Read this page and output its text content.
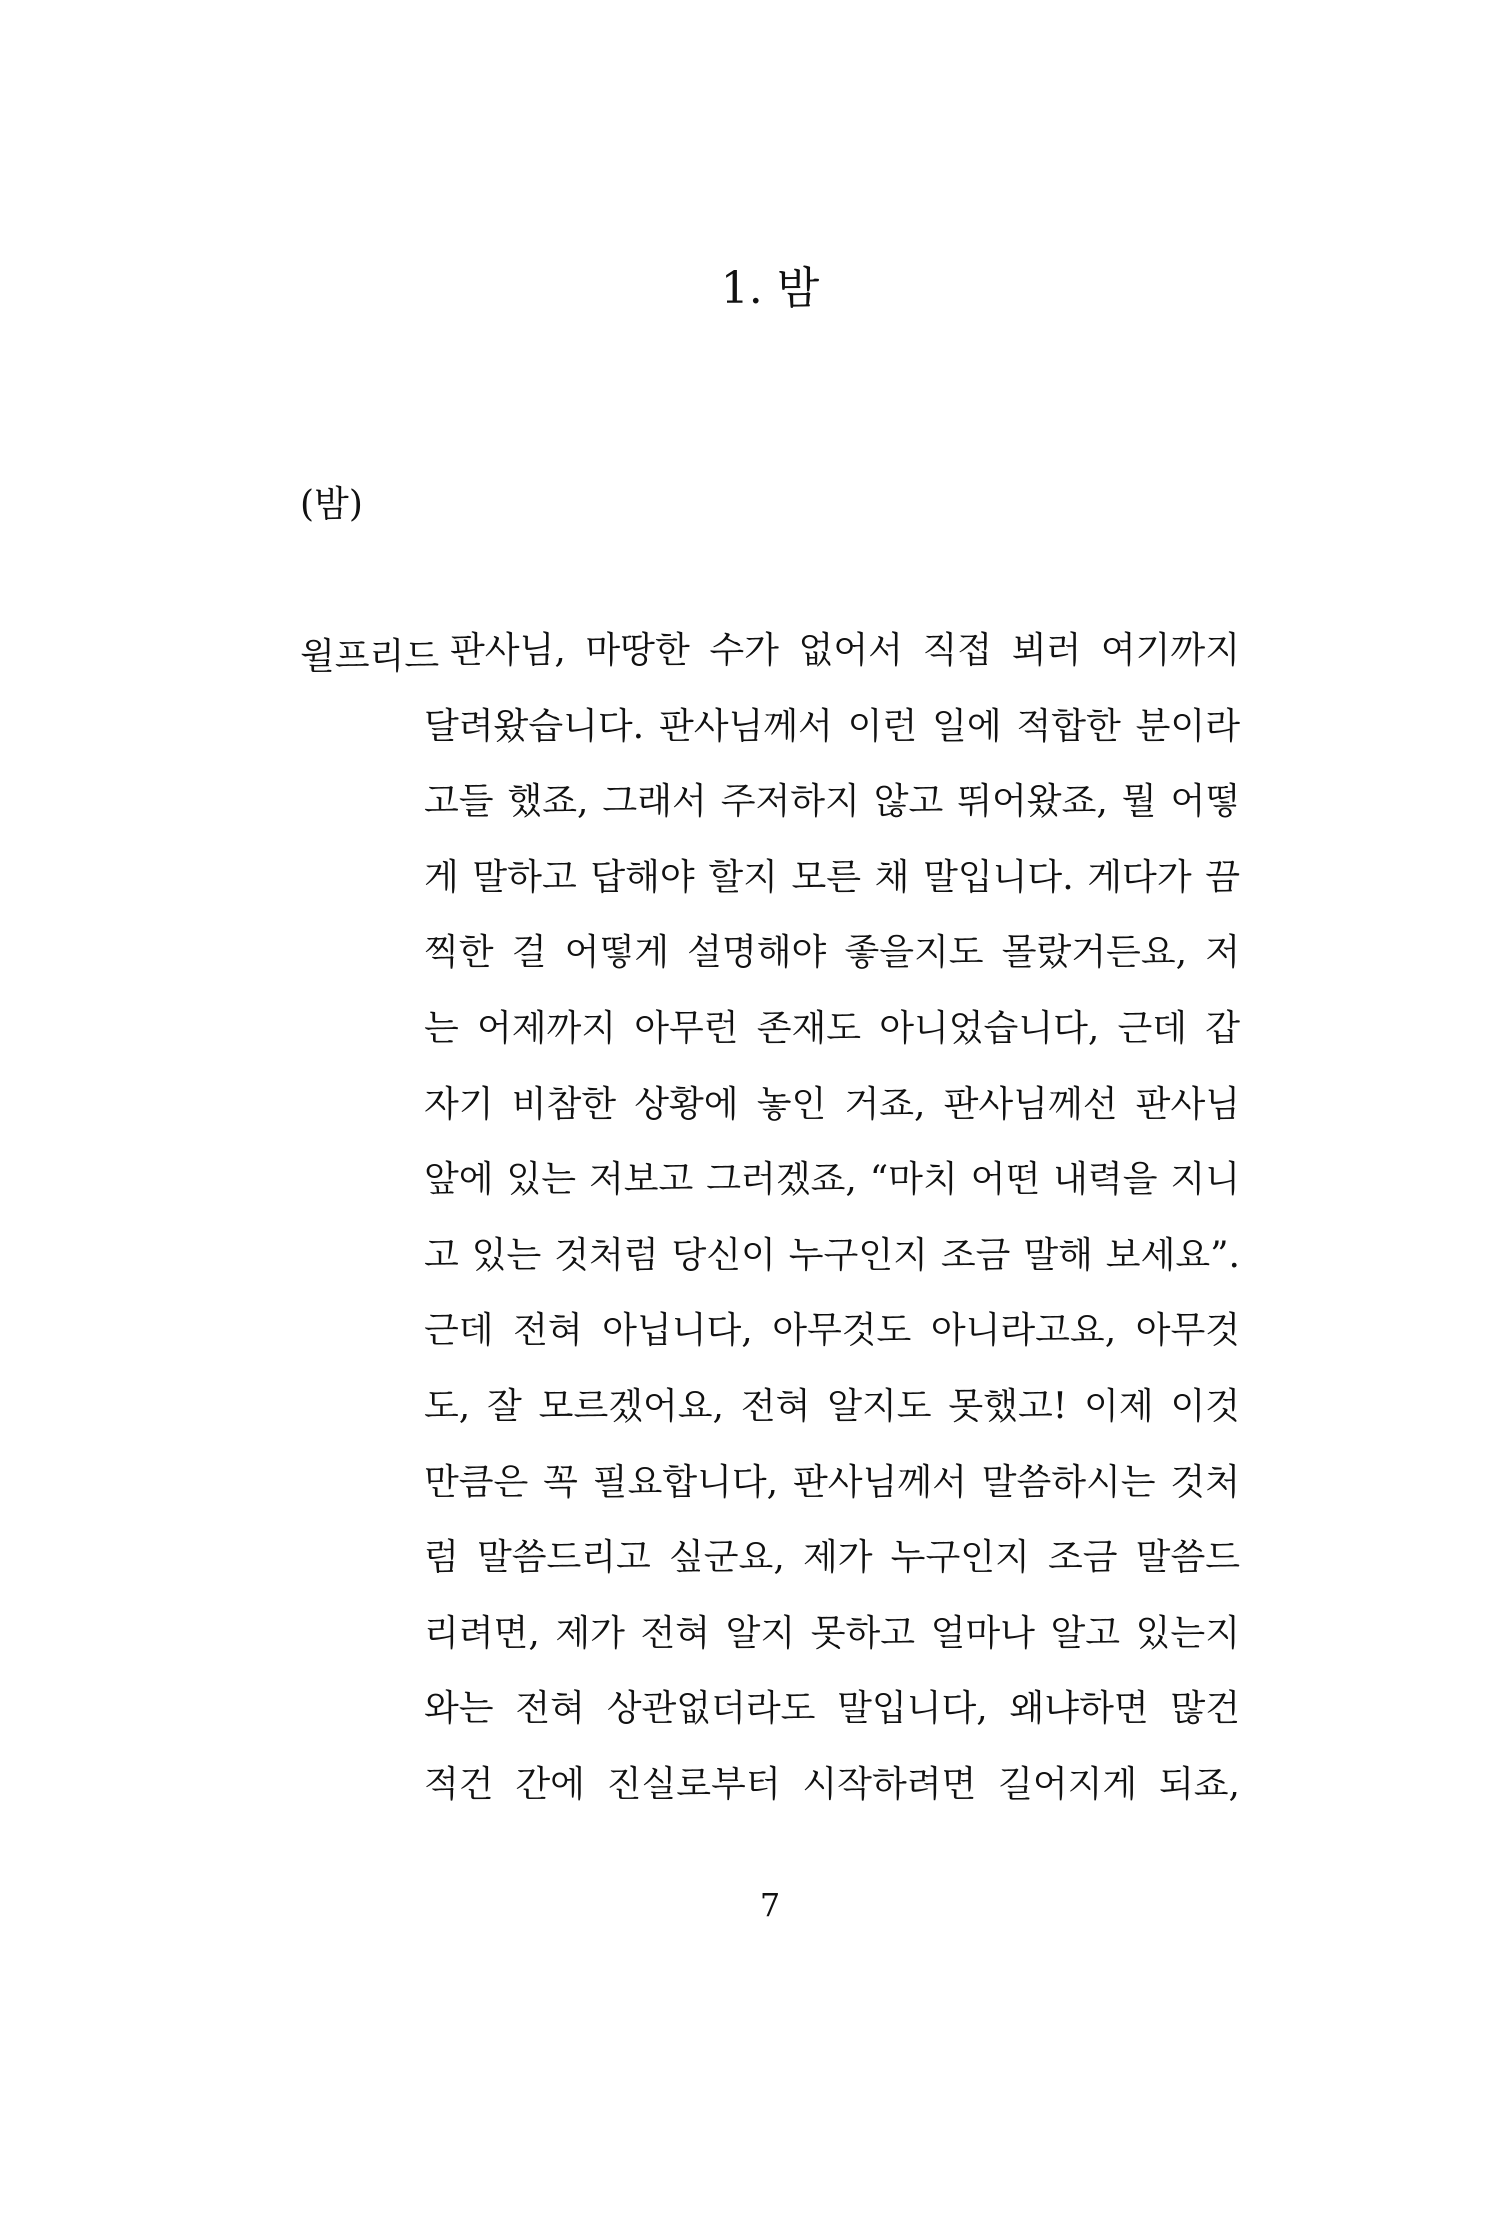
1. 밤
(밤)
윌프리드 판사님, 마땅한 수가 없어서 직접 뵈러 여기까지
달려왔습니다. 판사님께서 이런 일에 적합한 분이라
고들 했죠, 그래서 주저하지 않고 뛰어왔죠, 뭘 어떻
게 말하고 답해야 할지 모른 채 말입니다. 게다가 끔
찍한 걸 어떻게 설명해야 좋을지도 몰랐거든요, 저
는 어제까지 아무런 존재도 아니었습니다, 근데 갑
자기 비참한 상황에 놓인 거죠, 판사님께선 판사님
앞에 있는 저보고 그러겠죠, “마치 어떤 내력을 지니
고 있는 것처럼 당신이 누구인지 조금 말해 보세요”.
근데 전혀 아닙니다, 아무것도 아니라고요, 아무것
도, 잘 모르겠어요, 전혀 알지도 못했고! 이제 이것
만큼은 꼭 필요합니다, 판사님께서 말씀하시는 것처
럼 말씀드리고 싶군요, 제가 누구인지 조금 말씀드
리려면, 제가 전혀 알지 못하고 얼마나 알고 있는지
와는 전혀 상관없더라도 말입니다, 왜냐하면 많건
적건 간에 진실로부터 시작하려면 길어지게 되죠,
7
